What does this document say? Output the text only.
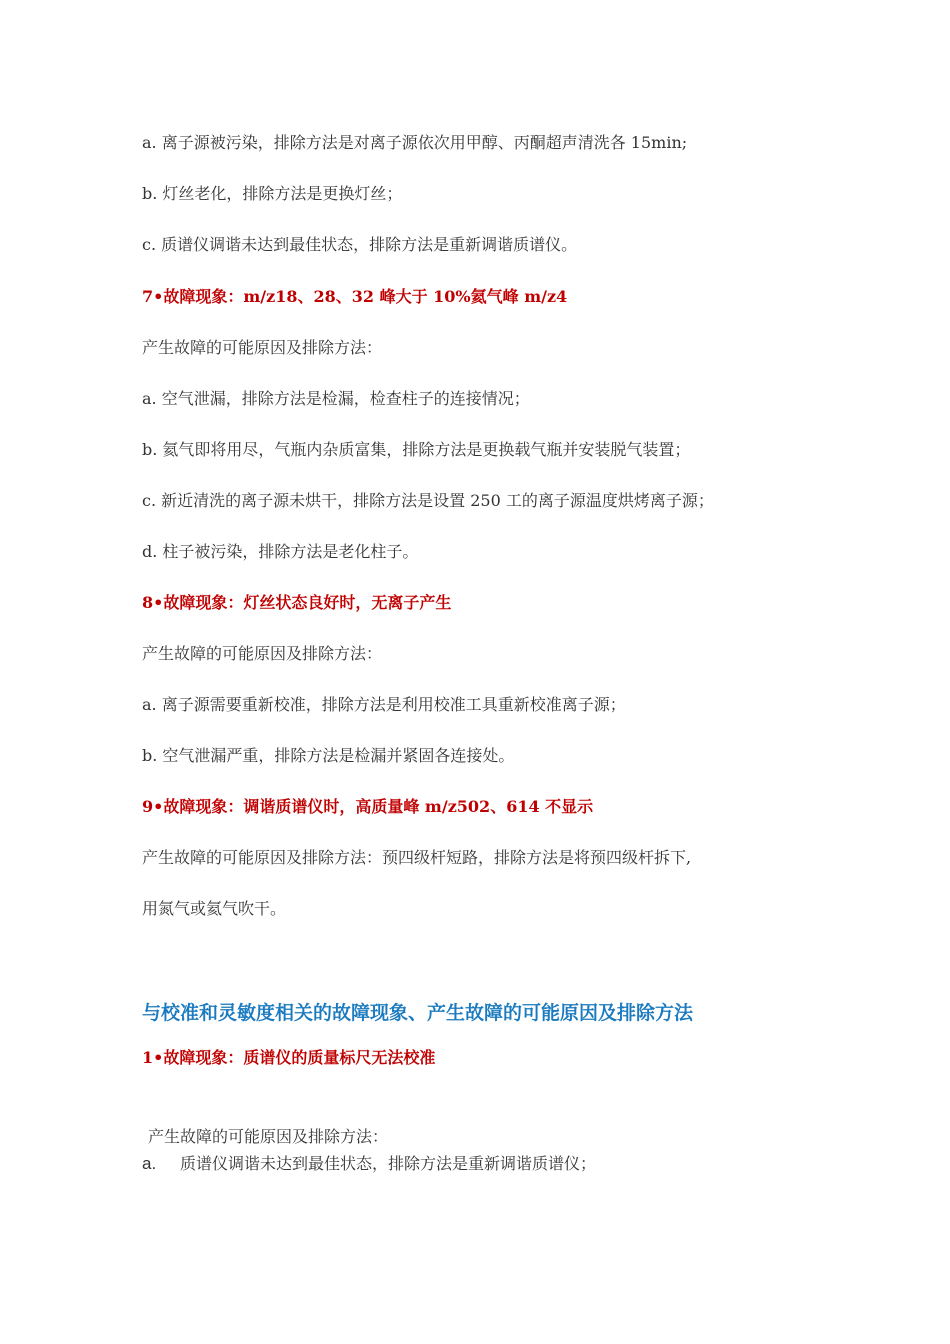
a. 离子源被污染，排除方法是对离子源依次用甲醇、丙酮超声清洗各 15min;
b. 灯丝老化，排除方法是更换灯丝；
c. 质谱仪调谐未达到最佳状态，排除方法是重新调谐质谱仪。
7•故障现象：m/z18、28、32 峰大于 10%氦气峰 m/z4
产生故障的可能原因及排除方法：
a. 空气泄漏，排除方法是检漏，检查柱子的连接情况；
b. 氦气即将用尽，气瓶内杂质富集，排除方法是更换载气瓶并安装脱气装置；
c. 新近清洗的离子源未烘干，排除方法是设置 250 工的离子源温度烘烤离子源；
d. 柱子被污染，排除方法是老化柱子。
8•故障现象：灯丝状态良好时，无离子产生
产生故障的可能原因及排除方法：
a. 离子源需要重新校准，排除方法是利用校准工具重新校准离子源；
b. 空气泄漏严重，排除方法是检漏并紧固各连接处。
9•故障现象：调谐质谱仪时，高质量峰 m/z502、614 不显示
产生故障的可能原因及排除方法：预四级杆短路，排除方法是将预四级杆拆下,
用氮气或氦气吹干。
与校准和灵敏度相关的故障现象、产生故障的可能原因及排除方法
1•故障现象：质谱仪的质量标尺无法校准
产生故障的可能原因及排除方法：
a. 质谱仪调谐未达到最佳状态，排除方法是重新调谐质谱仪；
